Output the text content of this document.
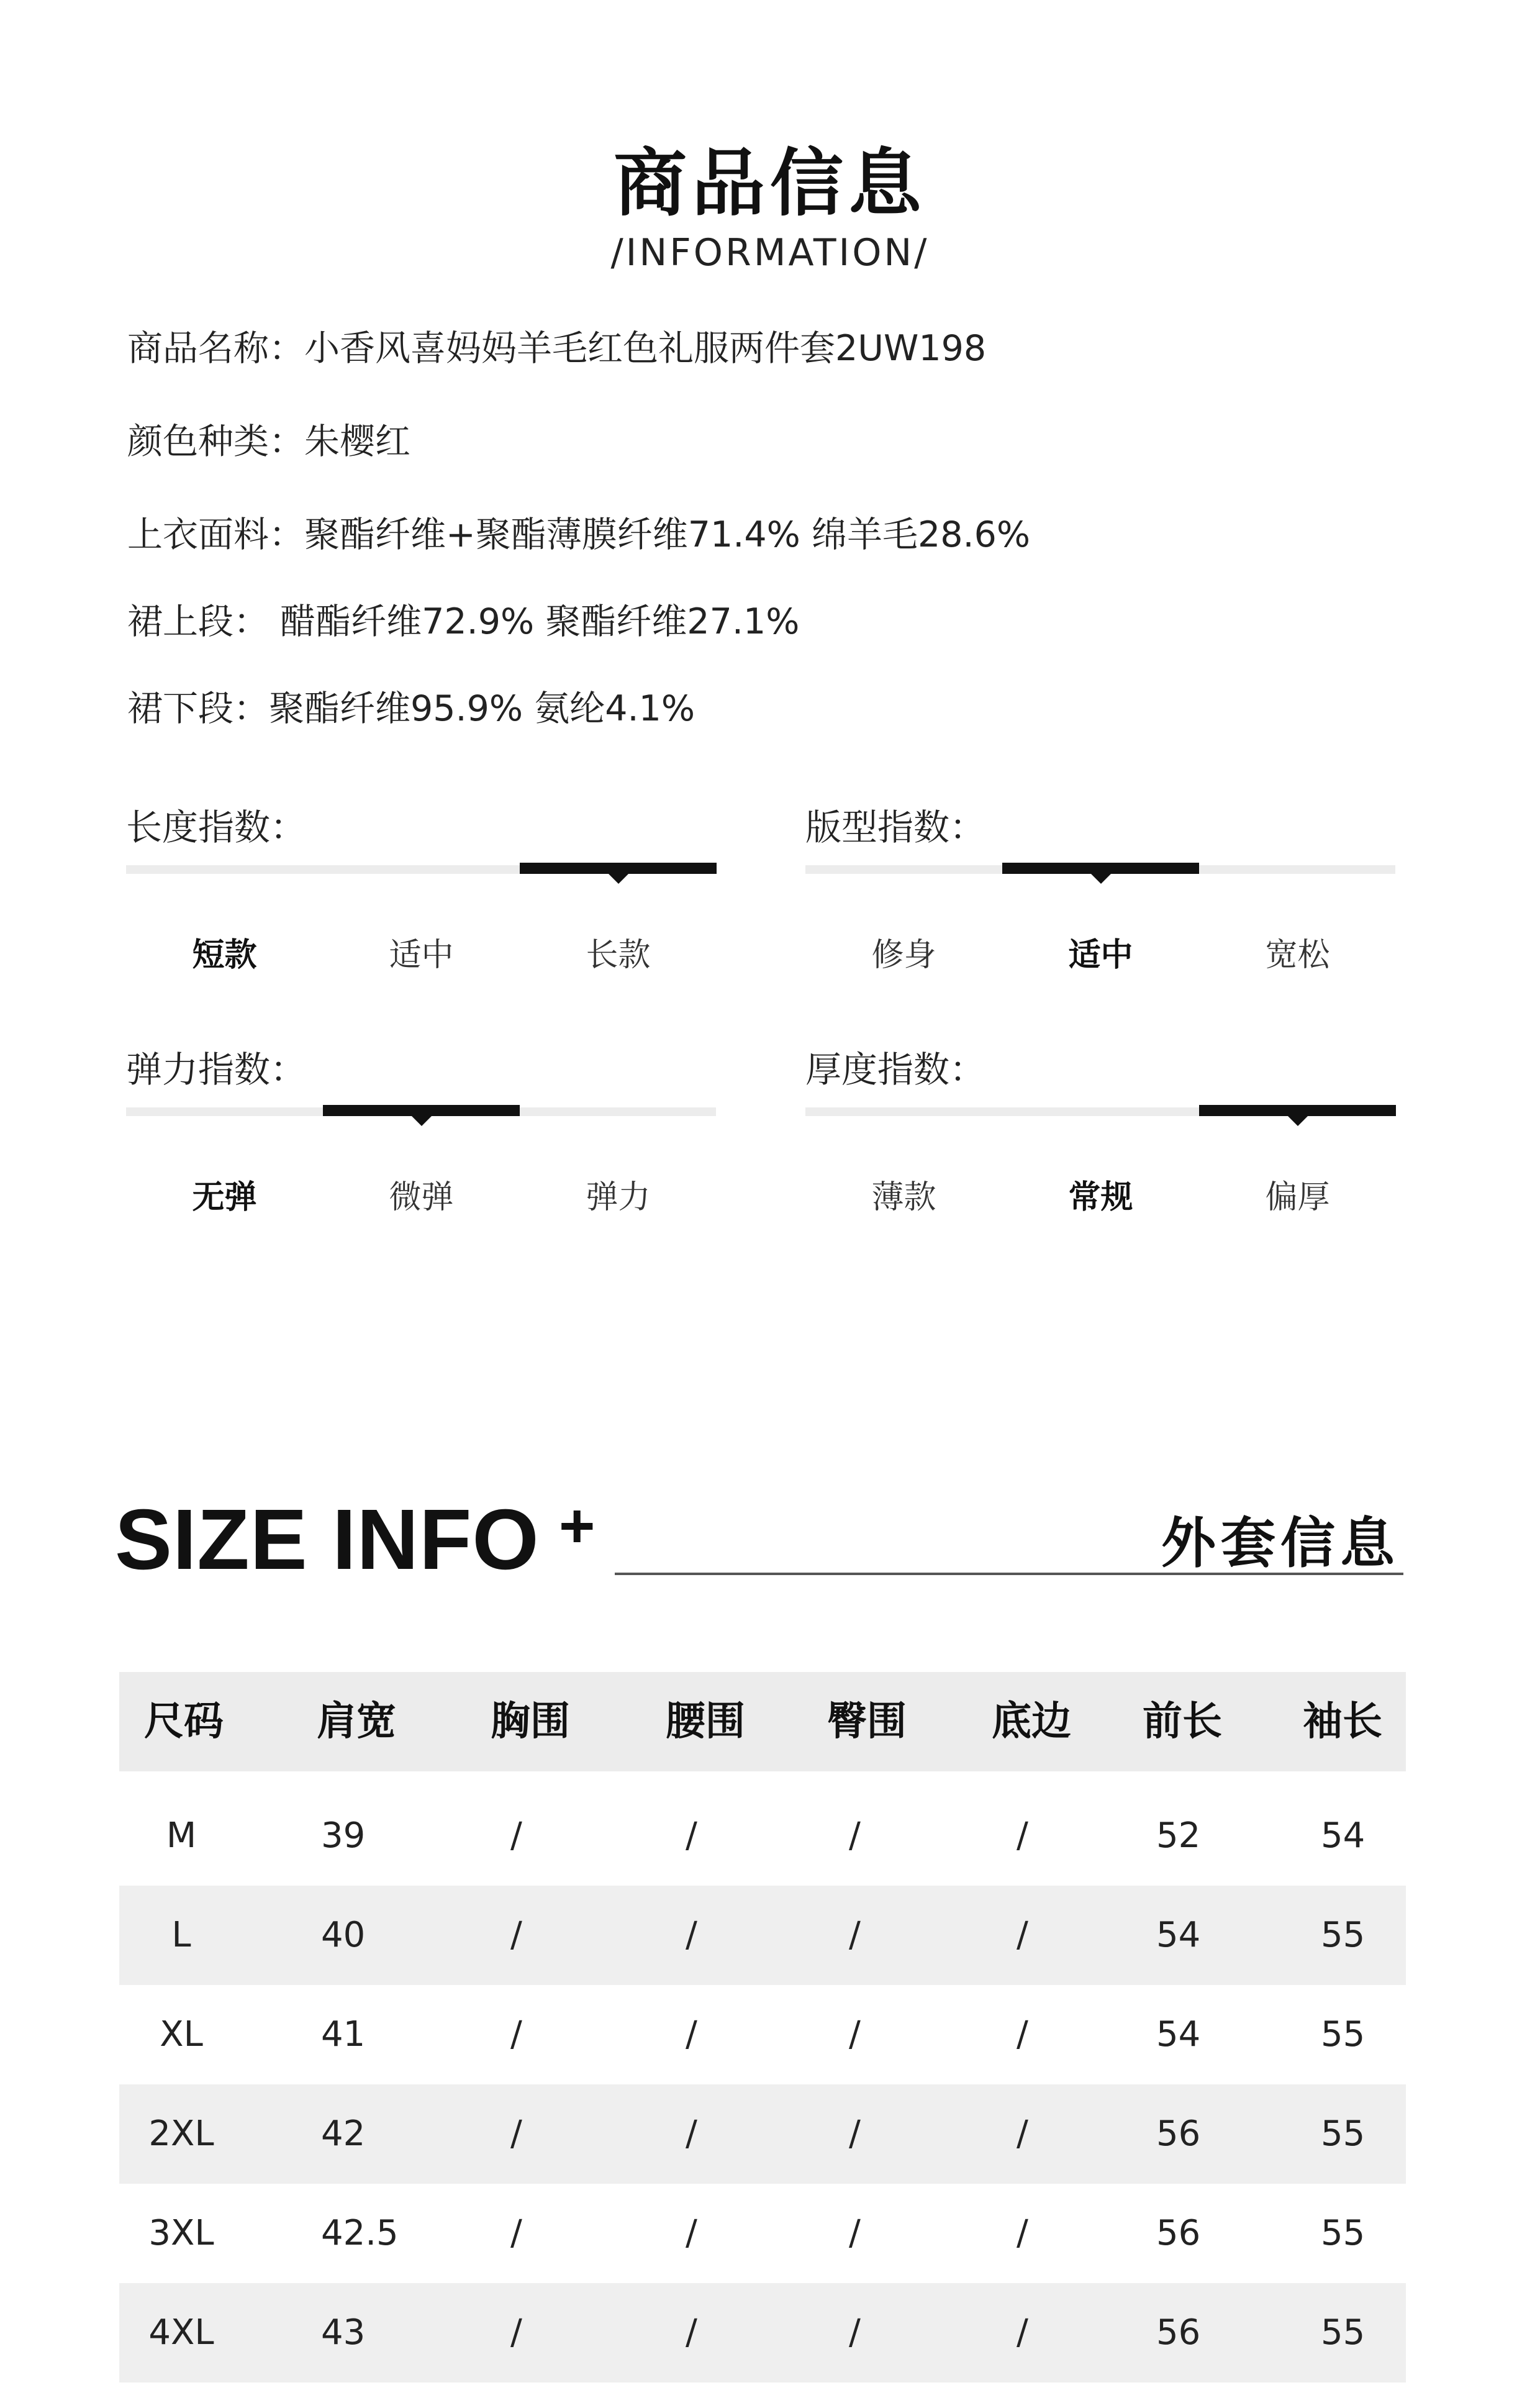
商品信息
/INFORMATION/
商品名称：小香风喜妈妈羊毛红色礼服两件套2UW198
颜色种类：朱樱红
上衣面料：聚酯纤维+聚酯薄膜纤维71.4% 绵羊毛28.6%
裙上段： 醋酯纤维72.9% 聚酯纤维27.1%
裙下段：聚酯纤维95.9% 氨纶4.1%
长度指数：
短款	适中	长款
版型指数：
修身	适中	宽松
弹力指数：
无弹	微弹	弹力
厚度指数：
薄款	常规	偏厚
SIZE INFO +	外套信息
尺码 肩宽 胸围 腰围 臀围 底边 前长 袖长
M	39	/	/	/	/	52	54
L	40	/	/	/	/	54	55
XL	41	/	/	/	/	54	55
2XL	42	/	/	/	/	56	55
3XL	42.5	/	/	/	/	56	55
4XL	43	/	/	/	/	56	55
